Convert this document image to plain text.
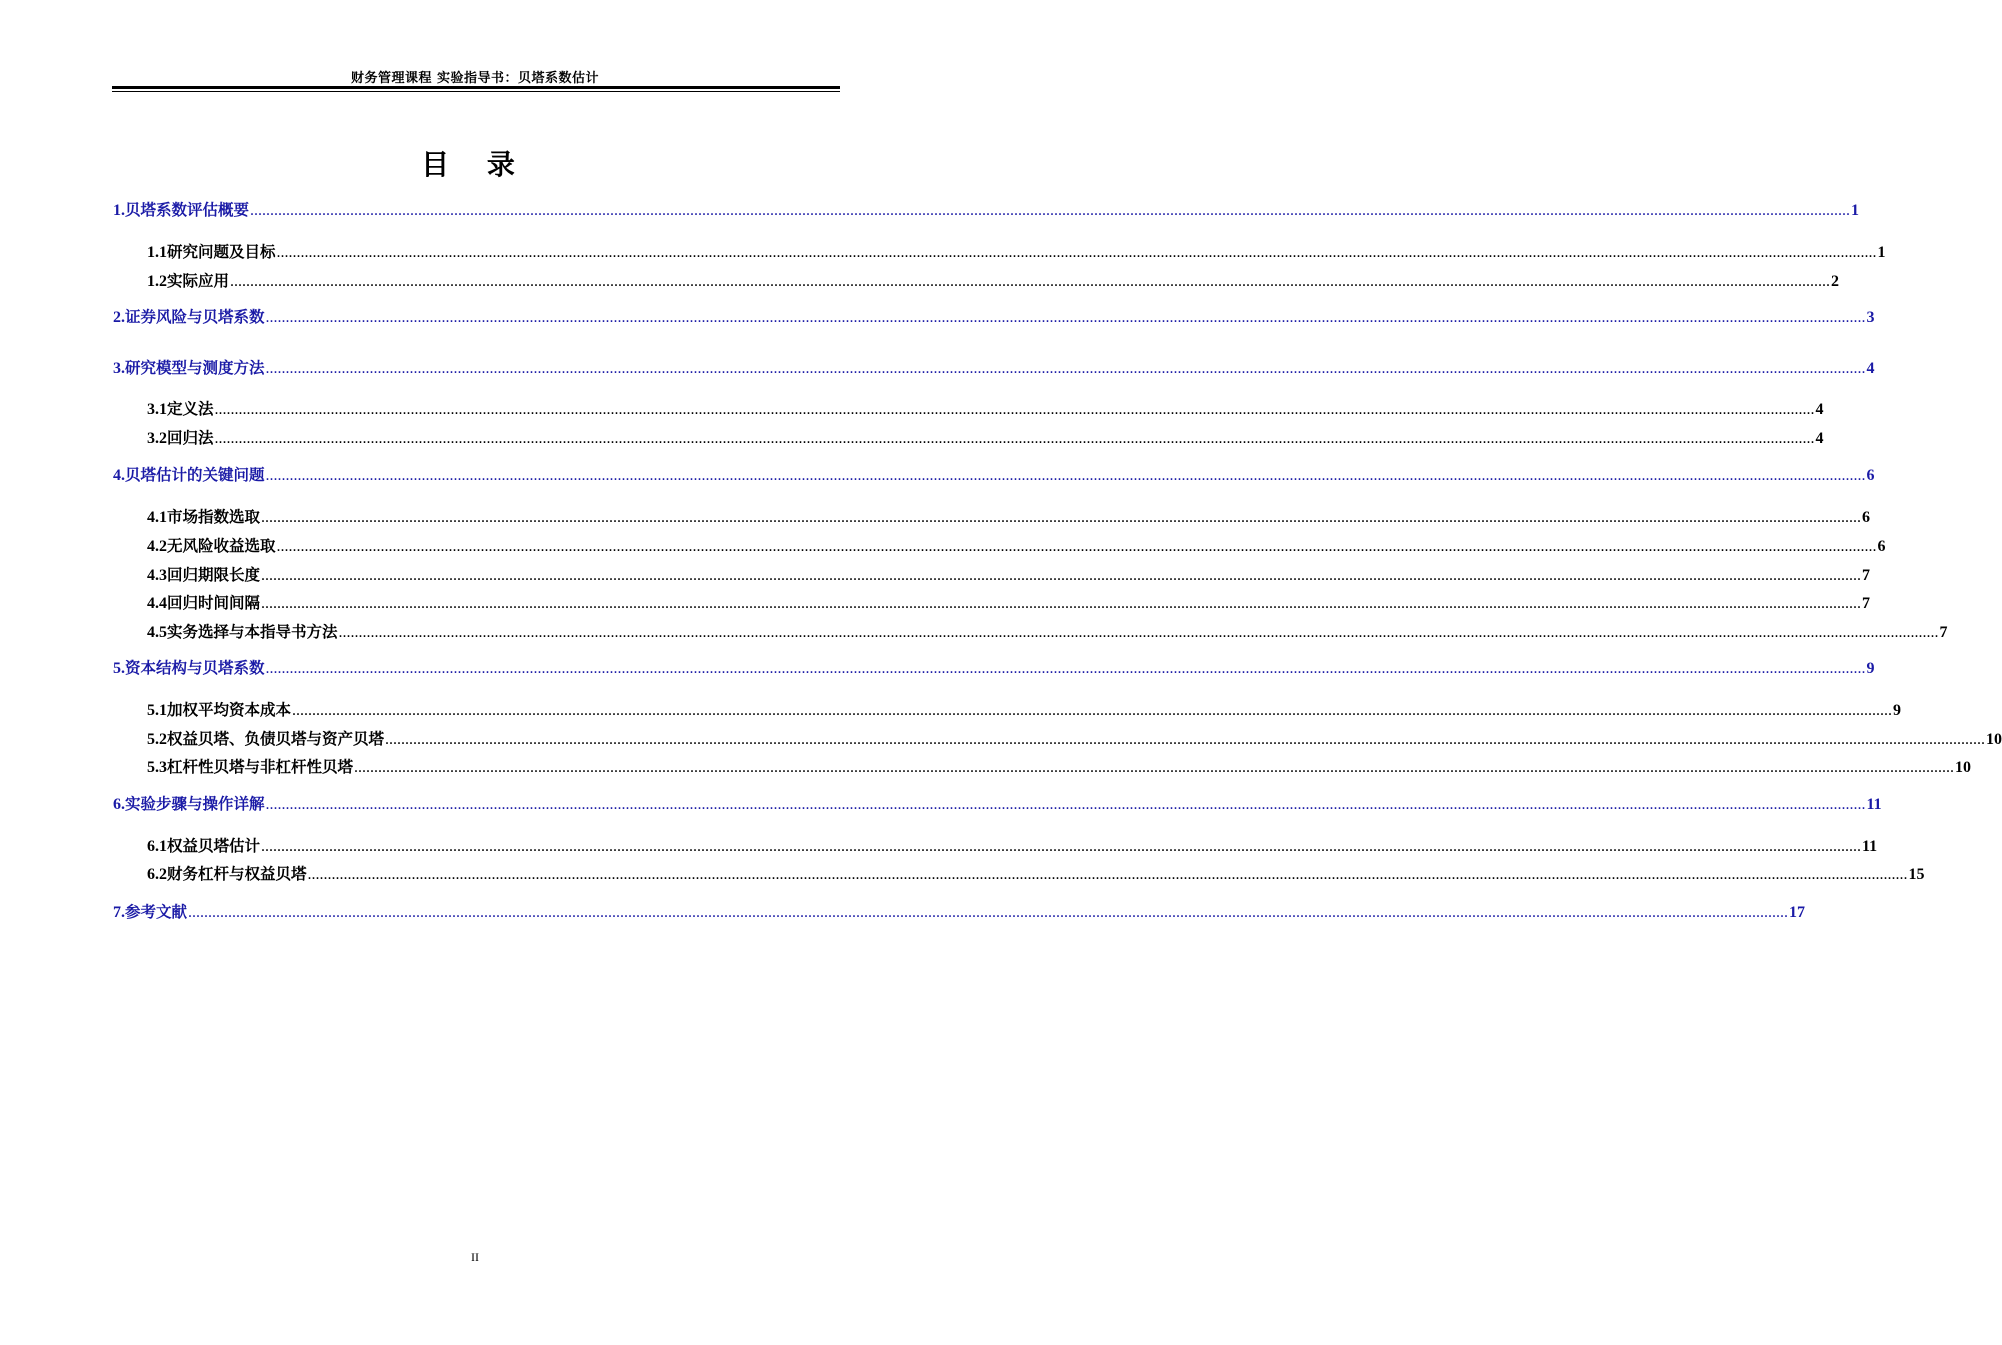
财务管理课程 实验指导书：贝塔系数估计
目 录
1. 贝塔系数评估概要 ................................................................................................................................................................................................................................................................................................................................................................................................................ 1
1.1 研究问题及目标 ................................................................................................................................................................................................................................................................................................................................................................................................................ 1
1.2 实际应用 ................................................................................................................................................................................................................................................................................................................................................................................................................ 2
2. 证券风险与贝塔系数 ................................................................................................................................................................................................................................................................................................................................................................................................................ 3
3. 研究模型与测度方法 ................................................................................................................................................................................................................................................................................................................................................................................................................ 4
3.1 定义法 ................................................................................................................................................................................................................................................................................................................................................................................................................ 4
3.2 回归法 ................................................................................................................................................................................................................................................................................................................................................................................................................ 4
4. 贝塔估计的关键问题 ................................................................................................................................................................................................................................................................................................................................................................................................................ 6
4.1 市场指数选取 ................................................................................................................................................................................................................................................................................................................................................................................................................ 6
4.2 无风险收益选取 ................................................................................................................................................................................................................................................................................................................................................................................................................ 6
4.3 回归期限长度 ................................................................................................................................................................................................................................................................................................................................................................................................................ 7
4.4 回归时间间隔 ................................................................................................................................................................................................................................................................................................................................................................................................................ 7
4.5 实务选择与本指导书方法 ................................................................................................................................................................................................................................................................................................................................................................................................................ 7
5. 资本结构与贝塔系数 ................................................................................................................................................................................................................................................................................................................................................................................................................ 9
5.1 加权平均资本成本 ................................................................................................................................................................................................................................................................................................................................................................................................................ 9
5.2 权益贝塔、负债贝塔与资产贝塔 ................................................................................................................................................................................................................................................................................................................................................................................................................ 10
5.3 杠杆性贝塔与非杠杆性贝塔 ................................................................................................................................................................................................................................................................................................................................................................................................................ 10
6. 实验步骤与操作详解 ................................................................................................................................................................................................................................................................................................................................................................................................................ 11
6.1 权益贝塔估计 ................................................................................................................................................................................................................................................................................................................................................................................................................ 11
6.2 财务杠杆与权益贝塔 ................................................................................................................................................................................................................................................................................................................................................................................................................ 15
7. 参考文献 ................................................................................................................................................................................................................................................................................................................................................................................................................ 17
II
